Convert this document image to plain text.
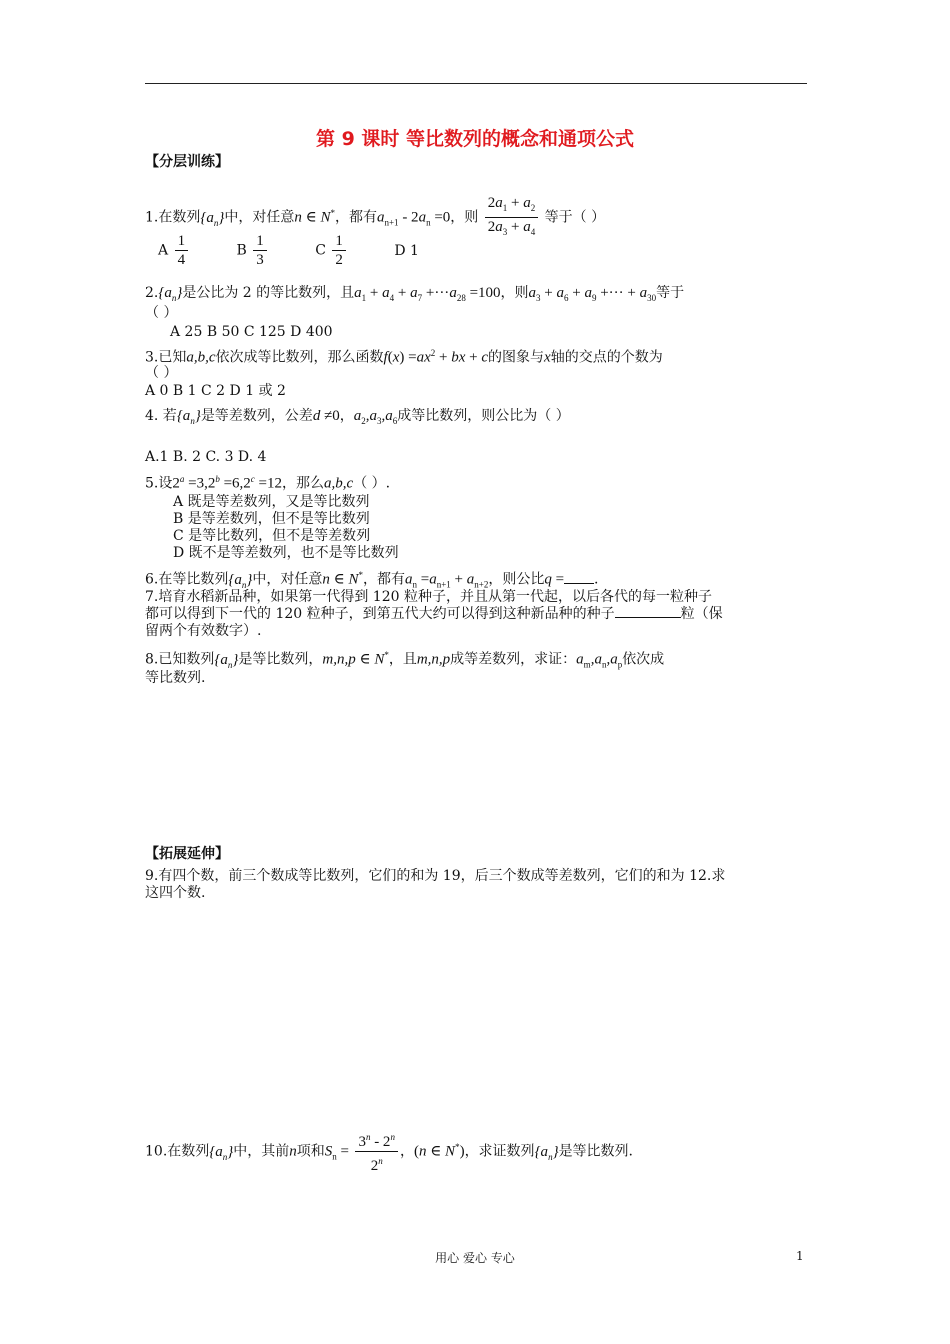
第 9 课时 等比数列的概念和通项公式
【分层训练】
1.在数列$\{a_n\}$中，对任意n ∈ N*，都有$a_{n+1} - 2a_n =0$，则 $\frac{2a_1 + a_2}{2a_3 + a_4}$ 等于（ ）
A $\frac{1}{4}$	B $\frac{1}{3}$	C $\frac{1}{2}$	D 1
$2.\{a_n\}$是公比为 2 的等比数列，且$a_1 + a_4 + a_7 +\cdot\cdot\cdot a_{28} =100$，则$a_3 + a_6 + a_9$ +··· + $a_{30}$等于
（ ）
A 25 B 50 C 125 D 400
3.已知a,b,c依次成等比数列，那么函数$f(x) =ax^2$ + bx + c的图象与x轴的交点的个数为
（ ）
A 0 B 1 C 2 D 1 或 2
4. 若$\{a_n\}$是等差数列，公差d ≠0，$a_2,a_3,a_6$成等比数列，则公比为（ ）
A.1 B. 2 C. 3 D. 4
5.设$2^a =3,2^b =6,2^c =12$，那么a,b,c（ ）.
A 既是等差数列，又是等比数列
B 是等差数列，但不是等比数列
C 是等比数列，但不是等差数列
D 既不是等差数列，也不是等比数列
6.在等比数列$\{a_n\}$中，对任意n ∈ N*，都有$a_n =a_{n+1} + a_{n+2}$，则公比q = .
7.培育水稻新品种，如果第一代得到 120 粒种子，并且从第一代起，以后各代的每一粒种子
都可以得到下一代的 120 粒种子，到第五代大约可以得到这种新品种的种子	粒（保
留两个有效数字）.
8.已知数列$\{a_n\}$是等比数列，m,n,p ∈ N*，且m,n,p成等差数列，求证：$a_m,a_n,a_p$依次成
等比数列.
【拓展延伸】
9.有四个数，前三个数成等比数列，它们的和为 19，后三个数成等差数列，它们的和为 12.求
这四个数.
10.在数列$\{a_n\}$中，其前n项和$S_n = \frac{3^n - 2^n}{2^n}$ ，(n ∈ N*)，求证数列$\{a_n\}$是等比数列.
用心 爱心 专心	1
